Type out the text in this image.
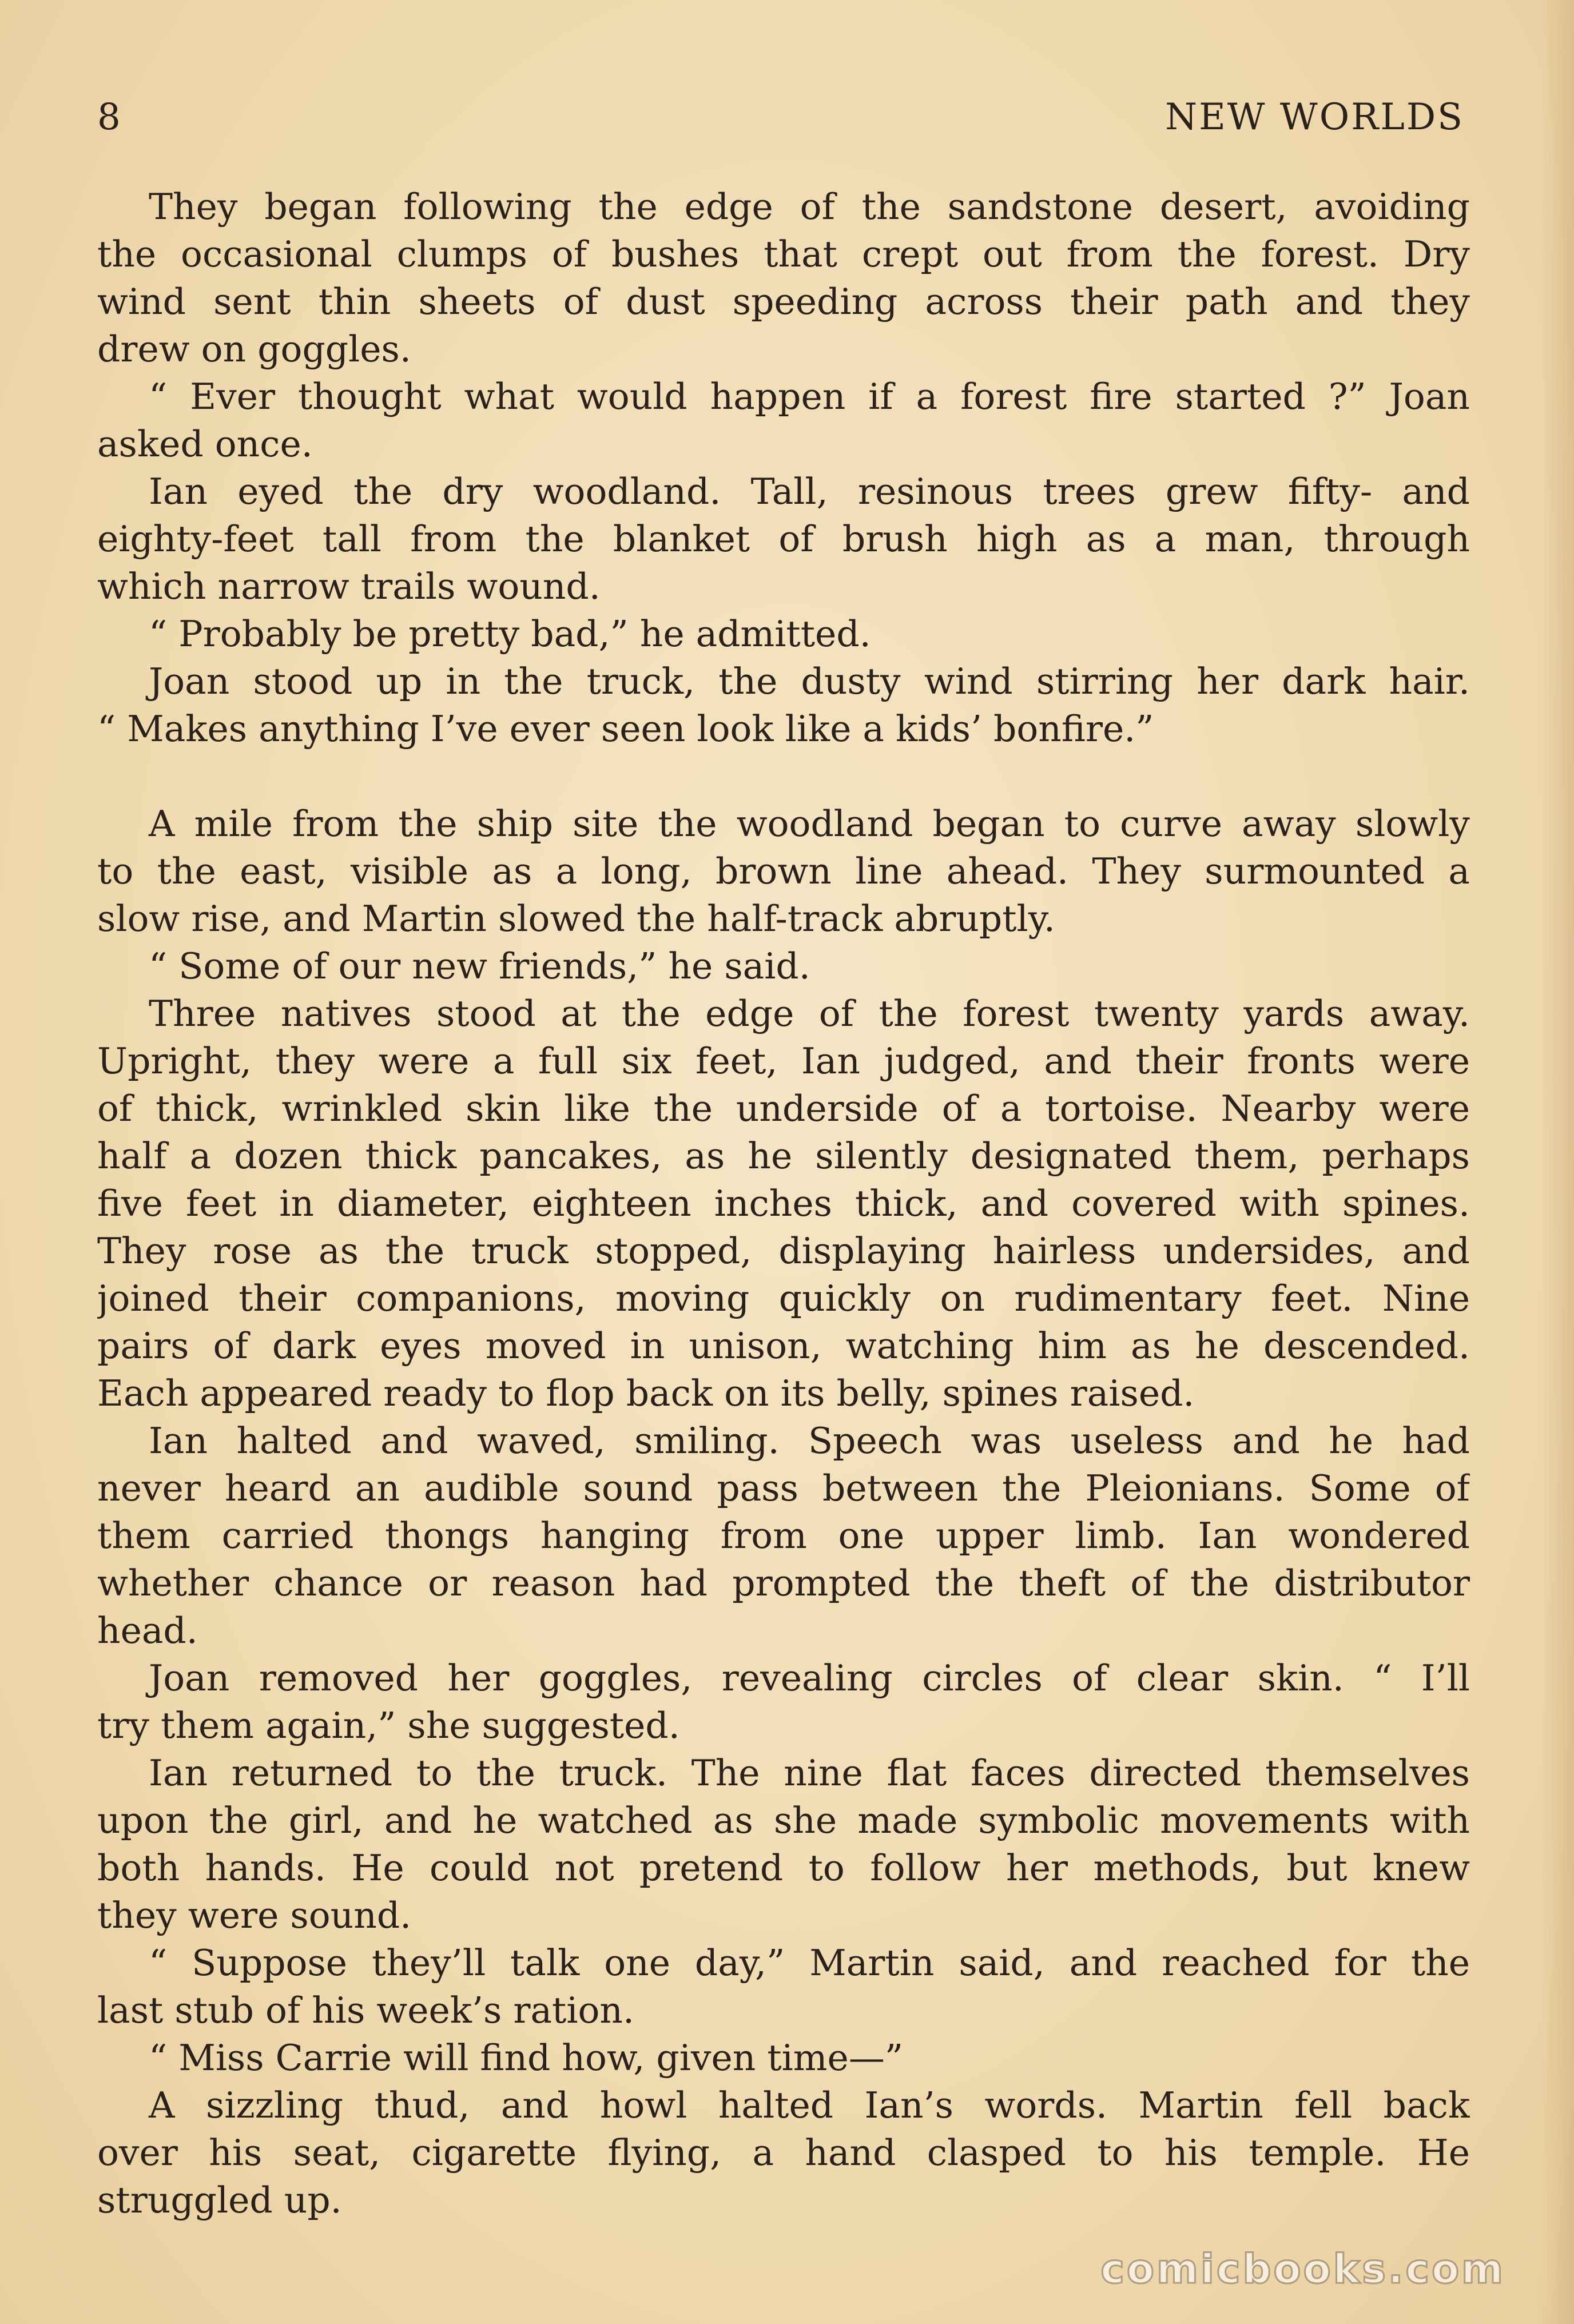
8	NEW WORLDS
They began following the edge of the sandstone desert, avoiding
the occasional clumps of bushes that crept out from the forest. Dry
wind sent thin sheets of dust speeding across their path and they
drew on goggles.
“ Ever thought what would happen if a forest fire started ?” Joan
asked once.
Ian eyed the dry woodland. Tall, resinous trees grew fifty- and
eighty-feet tall from the blanket of brush high as a man, through
which narrow trails wound.
“ Probably be pretty bad,” he admitted.
Joan stood up in the truck, the dusty wind stirring her dark hair.
“ Makes anything I’ve ever seen look like a kids’ bonfire.”
A mile from the ship site the woodland began to curve away slowly
to the east, visible as a long, brown line ahead. They surmounted a
slow rise, and Martin slowed the half-track abruptly.
“ Some of our new friends,” he said.
Three natives stood at the edge of the forest twenty yards away.
Upright, they were a full six feet, Ian judged, and their fronts were
of thick, wrinkled skin like the underside of a tortoise. Nearby were
half a dozen thick pancakes, as he silently designated them, perhaps
five feet in diameter, eighteen inches thick, and covered with spines.
They rose as the truck stopped, displaying hairless undersides, and
joined their companions, moving quickly on rudimentary feet. Nine
pairs of dark eyes moved in unison, watching him as he descended.
Each appeared ready to flop back on its belly, spines raised.
Ian halted and waved, smiling. Speech was useless and he had
never heard an audible sound pass between the Pleionians. Some of
them carried thongs hanging from one upper limb. Ian wondered
whether chance or reason had prompted the theft of the distributor
head.
Joan removed her goggles, revealing circles of clear skin. “ I’ll
try them again,” she suggested.
Ian returned to the truck. The nine flat faces directed themselves
upon the girl, and he watched as she made symbolic movements with
both hands. He could not pretend to follow her methods, but knew
they were sound.
“ Suppose they’ll talk one day,” Martin said, and reached for the
last stub of his week’s ration.
“ Miss Carrie will find how, given time—”
A sizzling thud, and howl halted Ian’s words. Martin fell back
over his seat, cigarette flying, a hand clasped to his temple. He
struggled up.
comicbooks.com
